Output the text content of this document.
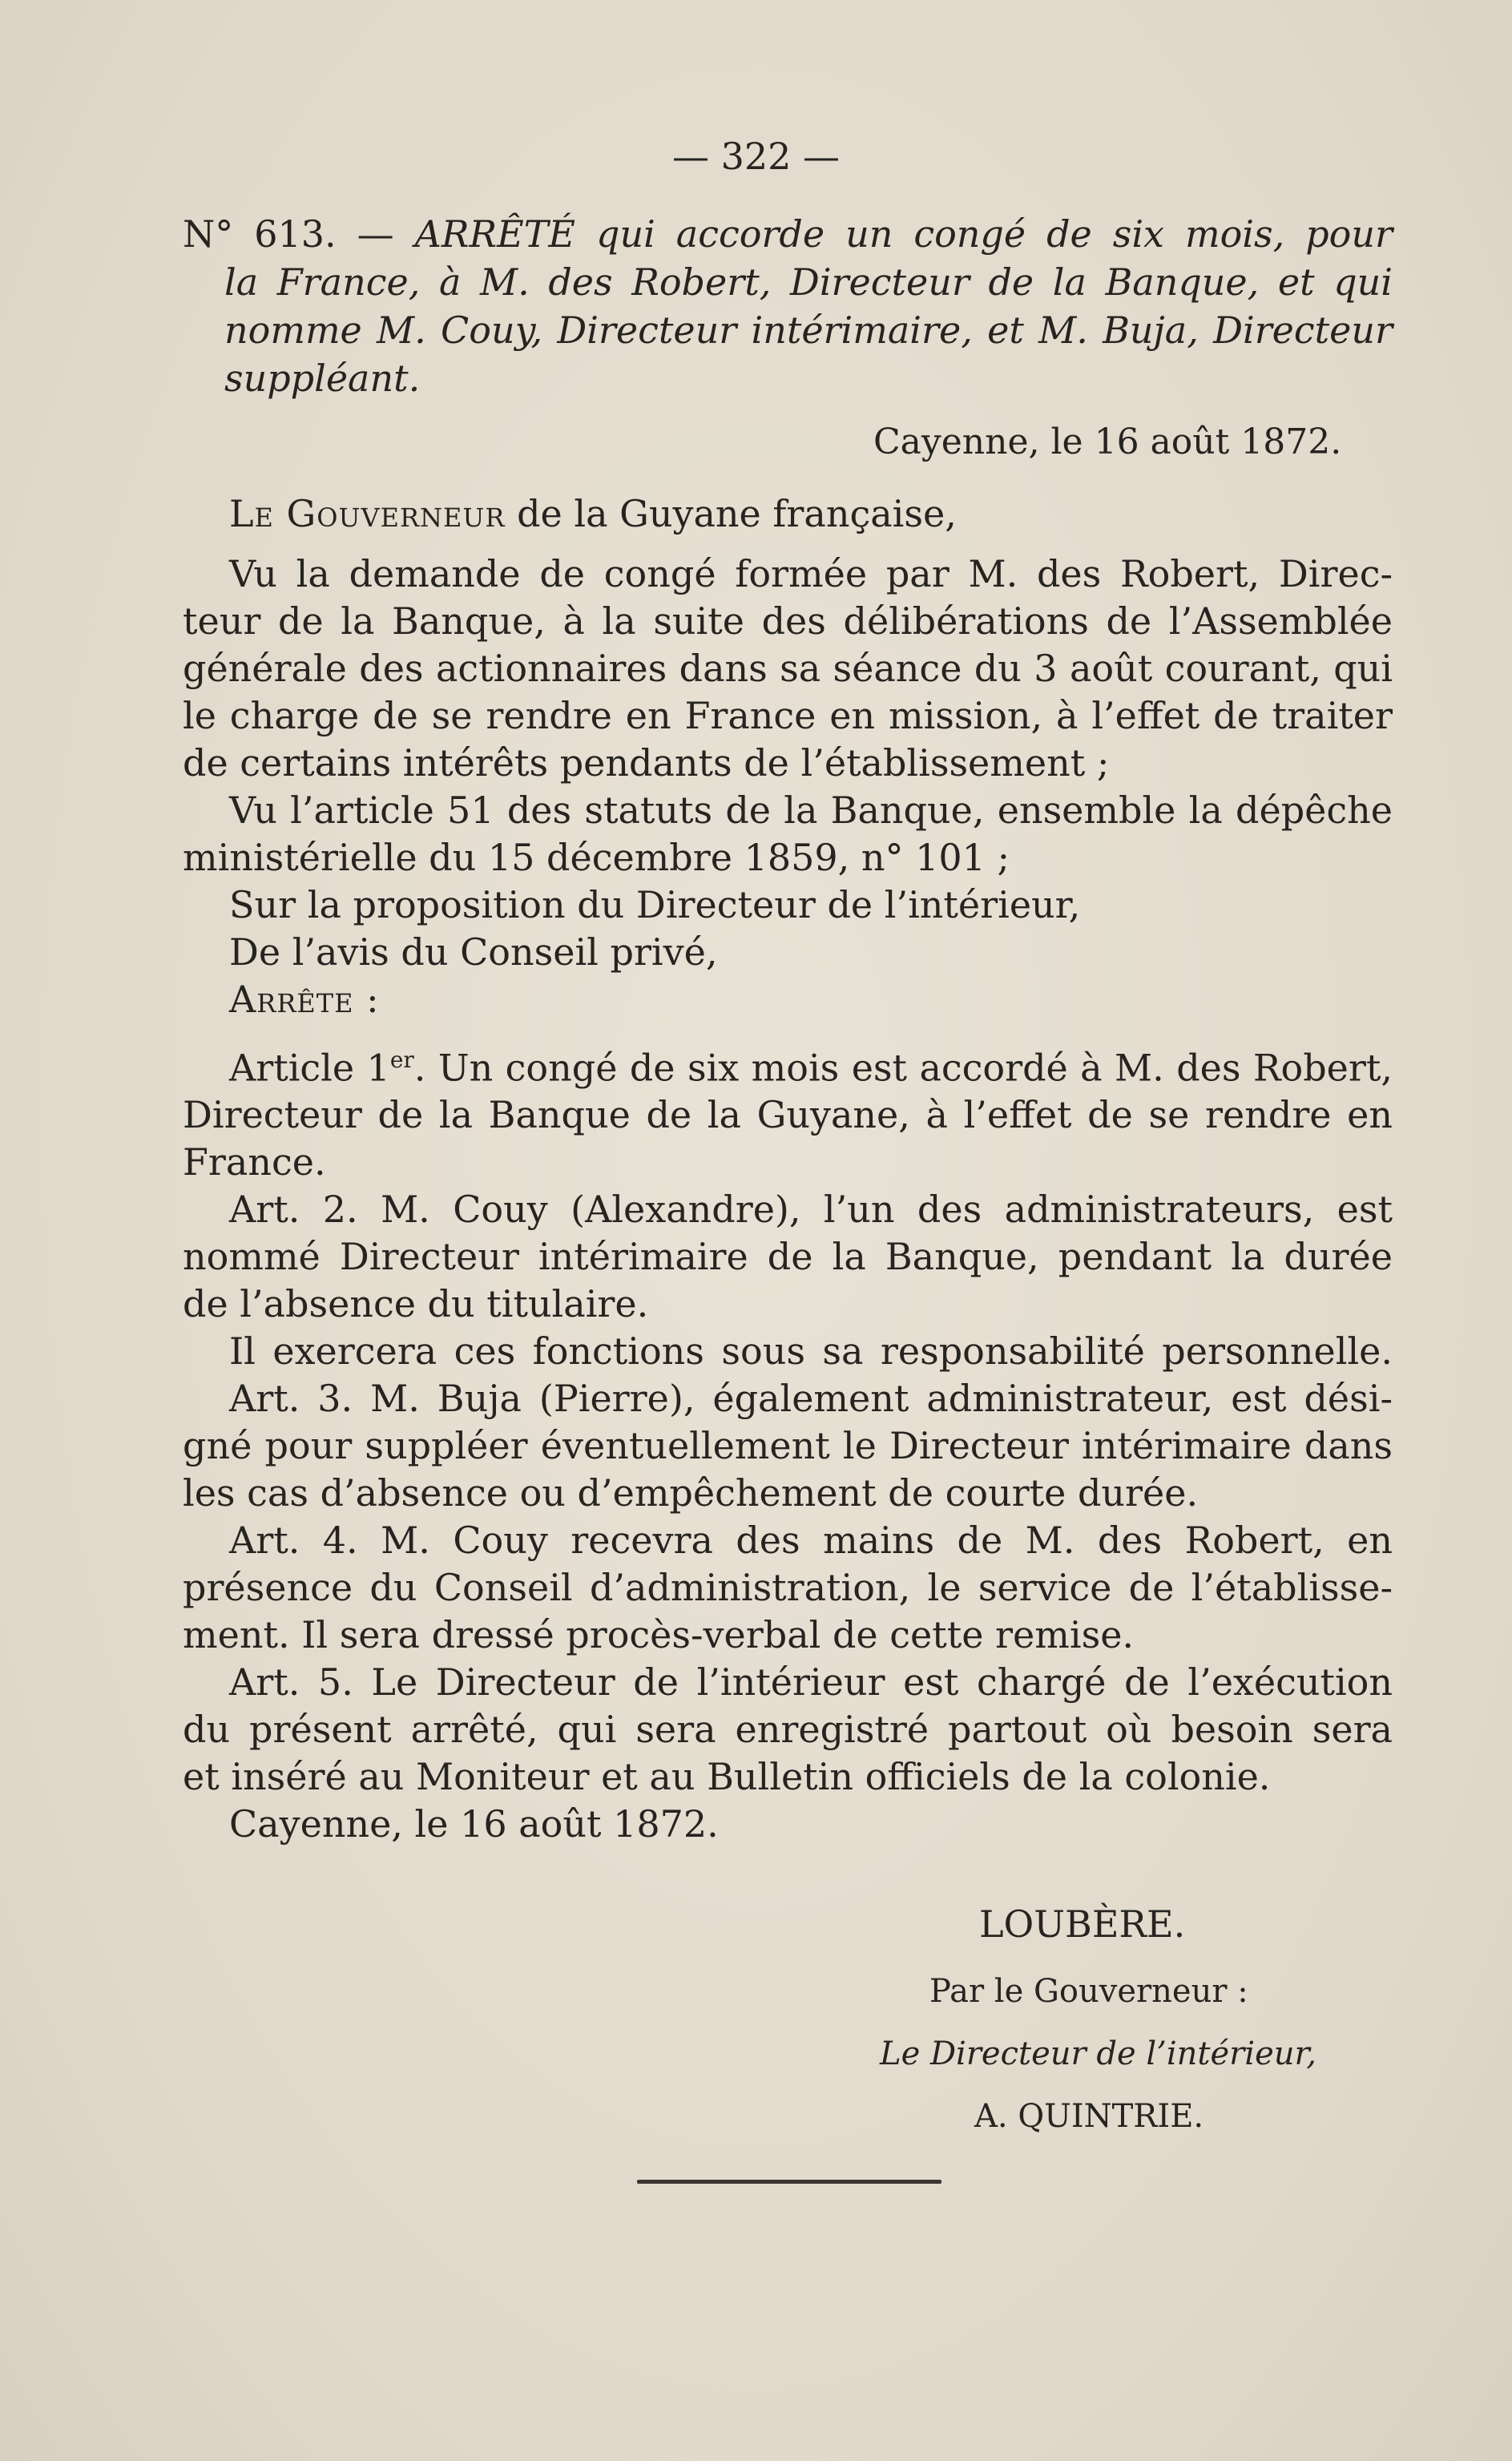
— 322 —
N° 613. — ARRÊTÉ qui accorde un congé de six mois, pour
la France, à M. des Robert, Directeur de la Banque, et qui
nomme M. Couy, Directeur intérimaire, et M. Buja, Directeur
suppléant.
Cayenne, le 16 août 1872.
Le Gouverneur de la Guyane française,
Vu la demande de congé formée par M. des Robert, Direc-
teur de la Banque, à la suite des délibérations de l’Assemblée
générale des actionnaires dans sa séance du 3 août courant, qui
le charge de se rendre en France en mission, à l’effet de traiter
de certains intérêts pendants de l’établissement ;
Vu l’article 51 des statuts de la Banque, ensemble la dépêche
ministérielle du 15 décembre 1859, n° 101 ;
Sur la proposition du Directeur de l’intérieur,
De l’avis du Conseil privé,
Arrête :
Article 1er. Un congé de six mois est accordé à M. des Robert,
Directeur de la Banque de la Guyane, à l’effet de se rendre en
France.
Art. 2. M. Couy (Alexandre), l’un des administrateurs, est
nommé Directeur intérimaire de la Banque, pendant la durée
de l’absence du titulaire.
Il exercera ces fonctions sous sa responsabilité personnelle.
Art. 3. M. Buja (Pierre), également administrateur, est dési-
gné pour suppléer éventuellement le Directeur intérimaire dans
les cas d’absence ou d’empêchement de courte durée.
Art. 4. M. Couy recevra des mains de M. des Robert, en
présence du Conseil d’administration, le service de l’établisse-
ment. Il sera dressé procès-verbal de cette remise.
Art. 5. Le Directeur de l’intérieur est chargé de l’exécution
du présent arrêté, qui sera enregistré partout où besoin sera
et inséré au Moniteur et au Bulletin officiels de la colonie.
Cayenne, le 16 août 1872.
LOUBÈRE.
Par le Gouverneur :
Le Directeur de l’intérieur,
A. QUINTRIE.
